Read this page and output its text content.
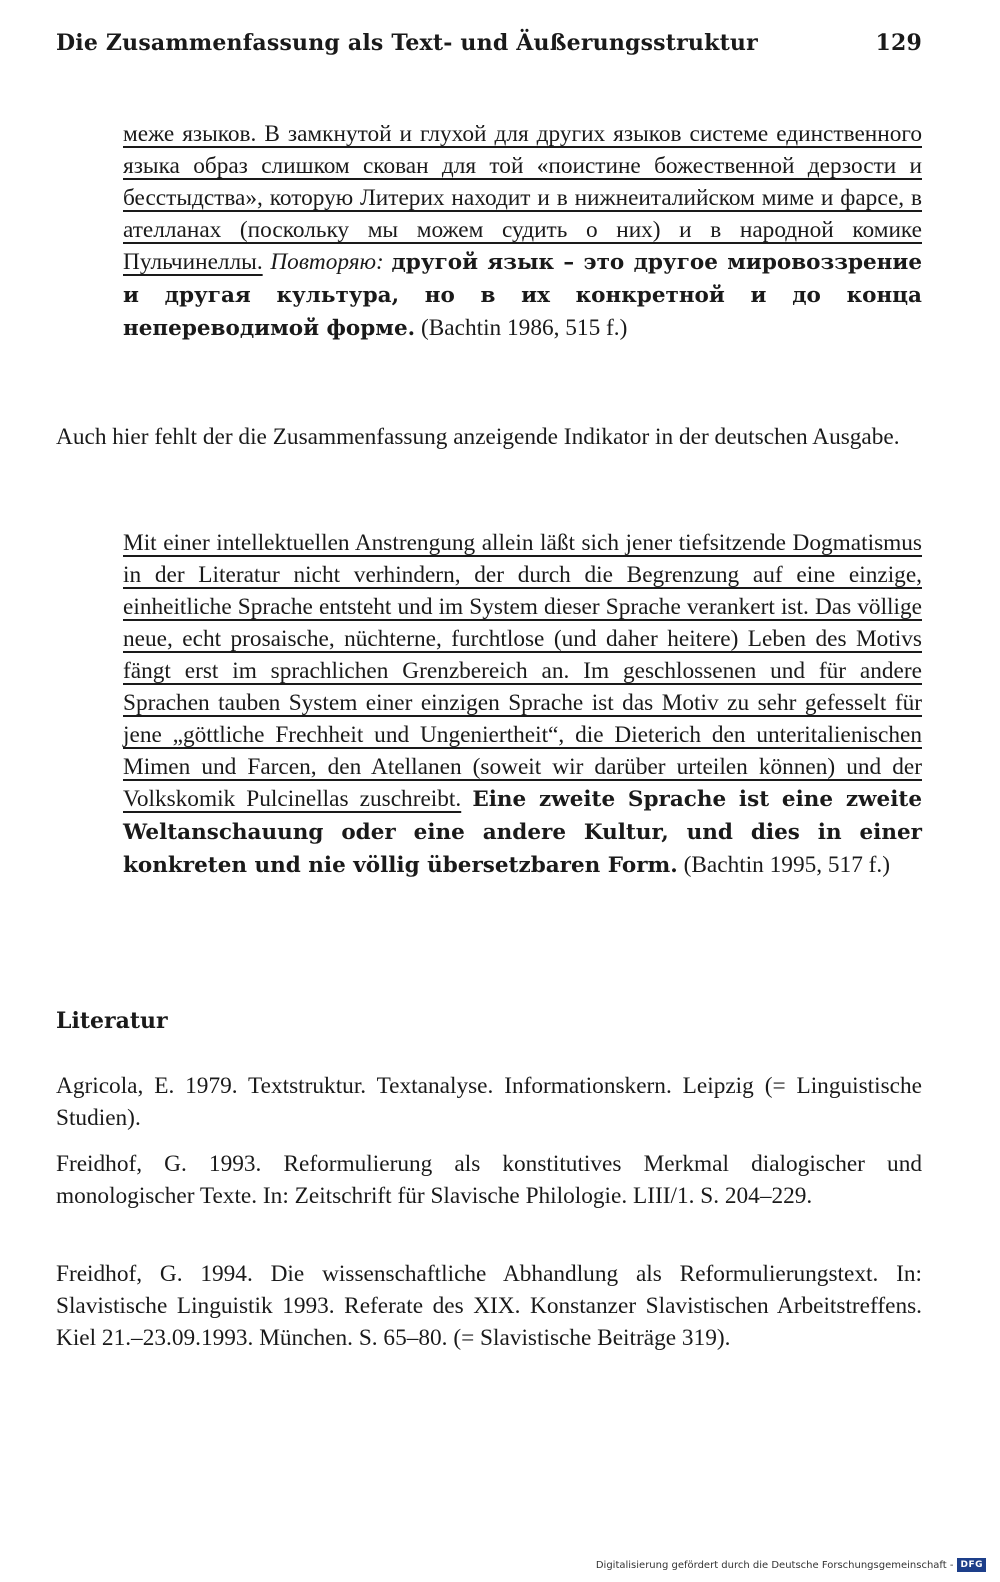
Die Zusammenfassung als Text- und Äußerungsstruktur	129
меже языков. В замкнутой и глухой для других языков системе единственного языка образ слишком скован для той «поистине божественной дерзости и бесстыдства», которую Литерих находит и в нижнеиталийском миме и фарсе, в ателланах (поскольку мы можем судить о них) и в народной комике Пульчинеллы. Повторяю: другой язык – это другое мировоззрение и другая культура, но в их конкретной и до конца непереводимой форме. (Bachtin 1986, 515 f.)
Auch hier fehlt der die Zusammenfassung anzeigende Indikator in der deutschen Ausgabe.
Mit einer intellektuellen Anstrengung allein läßt sich jener tiefsitzende Dogmatismus in der Literatur nicht verhindern, der durch die Begrenzung auf eine einzige, einheitliche Sprache entsteht und im System dieser Sprache verankert ist. Das völlige neue, echt prosaische, nüchterne, furchtlose (und daher heitere) Leben des Motivs fängt erst im sprachlichen Grenzbereich an. Im geschlossenen und für andere Sprachen tauben System einer einzigen Sprache ist das Motiv zu sehr gefesselt für jene „göttliche Frechheit und Ungeniertheit“, die Dieterich den unteritalienischen Mimen und Farcen, den Atellanen (soweit wir darüber urteilen können) und der Volkskomik Pulcinellas zuschreibt. Eine zweite Sprache ist eine zweite Weltanschauung oder eine andere Kultur, und dies in einer konkreten und nie völlig übersetzbaren Form. (Bachtin 1995, 517 f.)
Literatur
Agricola, E. 1979. Textstruktur. Textanalyse. Informationskern. Leipzig (= Linguistische Studien).
Freidhof, G. 1993. Reformulierung als konstitutives Merkmal dialogischer und monologischer Texte. In: Zeitschrift für Slavische Philologie. LIII/1. S. 204–229.
Freidhof, G. 1994. Die wissenschaftliche Abhandlung als Reformulierungstext. In: Slavistische Linguistik 1993. Referate des XIX. Konstanzer Slavistischen Arbeitstreffens. Kiel 21.–23.09.1993. München. S. 65–80. (= Slavistische Beiträge 319).
Digitalisierung gefördert durch die Deutsche Forschungsgemeinschaft - DFG
